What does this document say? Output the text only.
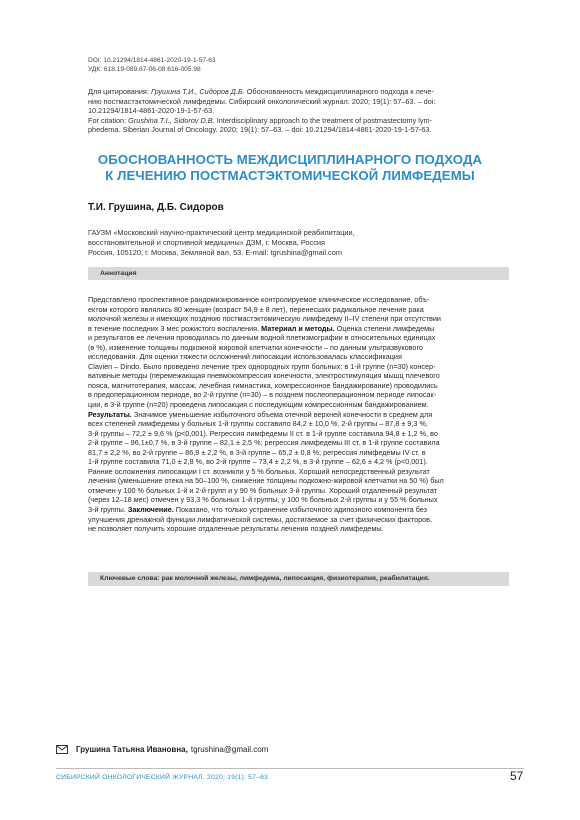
DOI: 10.21294/1814-4861-2020-19-1-57-63
УДК: 618.19-089.87-06-08:616-005.98

Для цитирования: Грушина Т.И., Сидоров Д.Б. Обоснованность междисциплинарного подхода к лече-
нию постмастэктомической лимфедемы. Сибирский онкологический журнал. 2020; 19(1): 57–63. – doi:
10.21294/1814-4861-2020-19-1-57-63.

For citation: Grushina T.I., Sidorov D.B. Interdisciplinary approach to the treatment of postmastectomy lym-
phedema. Siberian Journal of Oncology. 2020; 19(1): 57–63. – doi: 10.21294/1814-4861-2020-19-1-57-63.

ОБОСНОВАННОСТЬ МЕЖДИСЦИПЛИНАРНОГО ПОДХОДА
К ЛЕЧЕНИЮ ПОСТМАСТЭКТОМИЧЕСКОЙ ЛИМФЕДЕМЫ
Т.И. Грушина, Д.Б. Сидоров
ГАУЗМ «Московский научно-практический центр медицинской реабилитации,
восстановительной и спортивной медицины» ДЗМ, г. Москва, Россия
Россия, 105120, г. Москва, Земляной вал, 53. E-mail: tgrushina@gmail.com
Аннотация
Представлено проспективное рандомизированное контролируемое клиническое исследование, объ-
ектом которого являлись 80 женщин (возраст 54,9 ± 8 лет), перенесших радикальное лечение рака
молочной железы и имеющих позднюю постмастэктомическую лимфедему II–IV степени при отсутствии
в течение последних 3 мес рожистого воспаления. Материал и методы. Оценка степени лимфедемы
и результатов ее лечения проводилась по данным водной плетизмографии в относительных единицах
(в %), изменение толщины подкожной жировой клетчатки конечности – по данным ультразвукового
исследования. Для оценки тяжести осложнений липосакции использовалась классификация
Clavien – Dindo. Было проведено лечение трех однородных групп больных: в 1-й группе (n=30) консер-
вативные методы (перемежающая пневмокомпрессия конечности, электростимуляция мышц плечевого
пояса, магнитотерапия, массаж, лечебная гимнастика, компрессионное бандажирование) проводились
в предоперационном периоде, во 2-й группе (n=30) – в позднем послеоперационном периоде липосак-
ции, в 3-й группе (n=20) проведена липосакция с последующим компрессионным бандажированием.
Результаты. Значимое уменьшение избыточного объема отечной верхней конечности в среднем для
всех степеней лимфедемы у больных 1-й группы составило 84,2 ± 10,0 %, 2-й группы – 87,8 ± 9,3 %,
3-й группы – 72,2 ± 9,6 % (р<0,001). Регрессия лимфедемы II ст. в 1-й группе составила 94,8 ± 1,2 %, во
2-й группе – 96,1±0,7 %, в 3-й группе – 82,1 ± 2,5 %; регрессия лимфедемы III ст. в 1-й группе составила
81,7 ± 2,2 %, во 2-й группе – 86,9 ± 2,2 %, в 3-й группе – 65,2 ± 0,8 %; регрессия лимфедемы IV ст. в
1-й группе составила 71,0 ± 2,8 %, во 2-й группе – 73,4 ± 2,2 %, в 3-й группе – 62,6 ± 4,2 % (р<0,001).
Ранние осложнения липосакции I ст. возникли у 5 % больных. Хороший непосредственный результат
лечения (уменьшение отека на 50–100 %, снижение толщины подкожно-жировой клетчатки на 50 %) был
отмечен у 100 % больных 1-й и 2-й групп и у 90 % больных 3-й группы. Хороший отдаленный результат
(через 12–18 мес) отмечен у 93,3 % больных 1-й группы, у 100 % больных 2-й группы и у 55 % больных
3-й группы. Заключение. Показано, что только устранение избыточного адипозного компонента без
улучшения дренажной функции лимфатической системы, достигаемое за счет физических факторов,
не позволяет получить хорошие отдаленные результаты лечения поздней лимфедемы.
Ключевые слова: рак молочной железы, лимфедема, липосакция, физиотерапия, реабилитация.
Грушина Татьяна Ивановна, tgrushina@gmail.com
СИБИРСКИЙ ОНКОЛОГИЧЕСКИЙ ЖУРНАЛ. 2020; 19(1): 57–63	57
